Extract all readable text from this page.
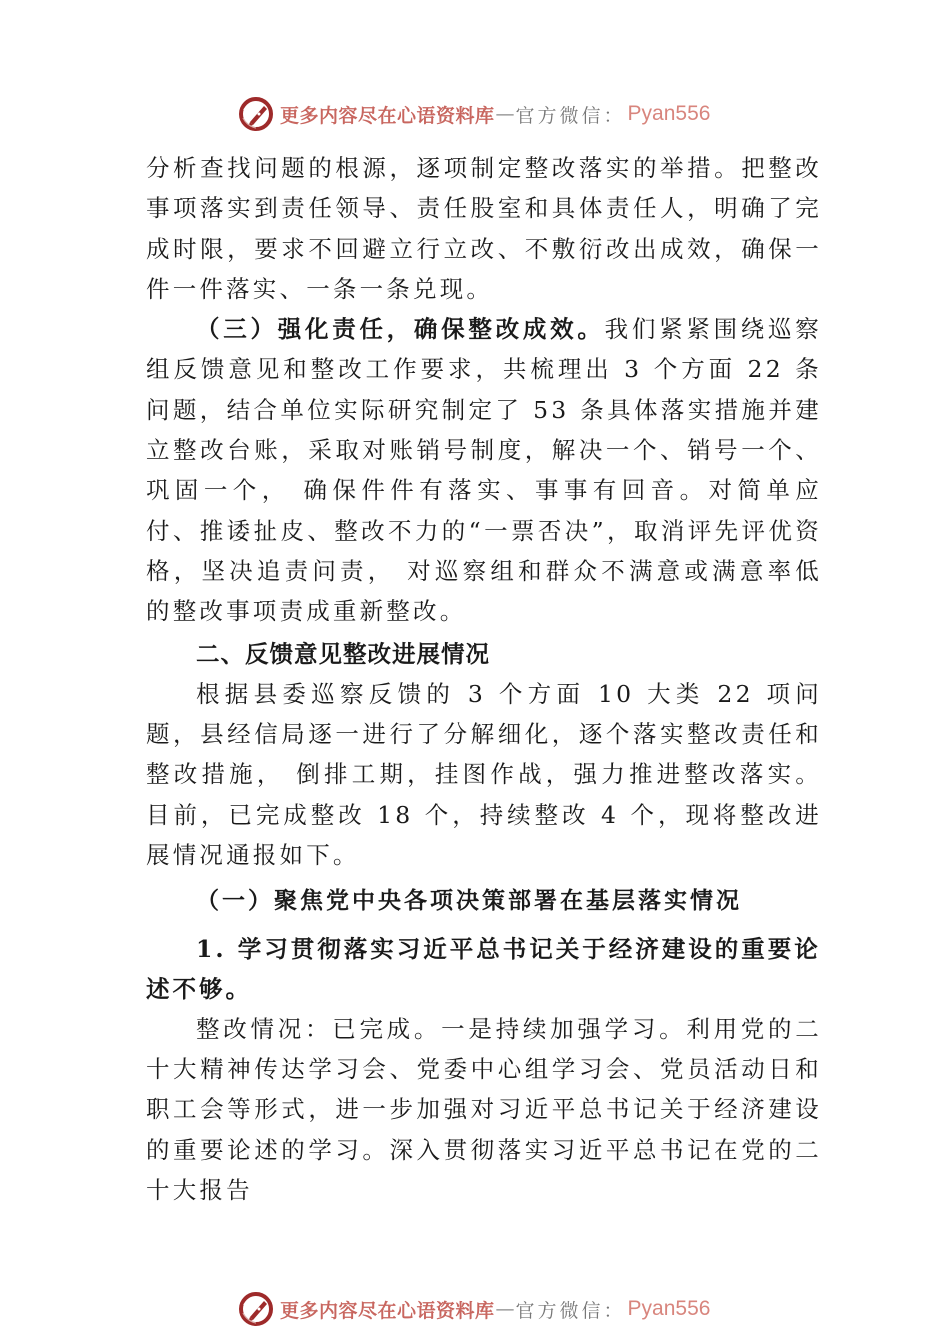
更多内容尽在心语资料库 — 官方微信： Pyan556

分析查找问题的根源，逐项制定整改落实的举措。把整改事项落实到责任领导、责任股室和具体责任人，明确了完成时限，要求不回避立行立改、不敷衍改出成效，确保一件一件落实、一条一条兑现。

（三）强化责任，确保整改成效。我们紧紧围绕巡察组反馈意见和整改工作要求，共梳理出 3 个方面 22 条问题，结合单位实际研究制定了 53 条具体落实措施并建立整改台账，采取对账销号制度，解决一个、销号一个、巩固一个， 确保件件有落实、事事有回音。对简单应付、推诿扯皮、整改不力的“一票否决”，取消评先评优资格，坚决追责问责， 对巡察组和群众不满意或满意率低的整改事项责成重新整改。

二、反馈意见整改进展情况

根据县委巡察反馈的 3 个方面 10 大类 22 项问题，县经信局逐一进行了分解细化，逐个落实整改责任和整改措施， 倒排工期，挂图作战，强力推进整改落实。目前，已完成整改 18 个，持续整改 4 个，现将整改进展情况通报如下。

（一）聚焦党中央各项决策部署在基层落实情况
1. 学习贯彻落实习近平总书记关于经济建设的重要论述不够。

整改情况：已完成。一是持续加强学习。利用党的二十大精神传达学习会、党委中心组学习会、党员活动日和职工会等形式，进一步加强对习近平总书记关于经济建设的重要论述的学习。深入贯彻落实习近平总书记在党的二十大报告

更多内容尽在心语资料库 — 官方微信： Pyan556
